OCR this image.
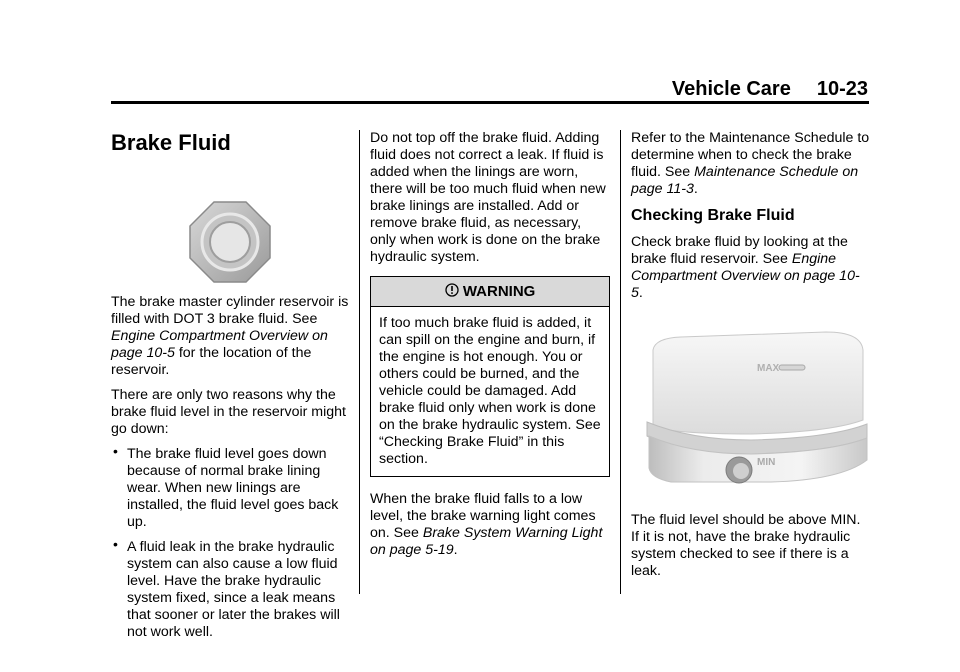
Vehicle Care 10-23
Brake Fluid

The brake master cylinder reservoir is filled with DOT 3 brake fluid. See Engine Compartment Overview on page 10-5 for the location of the reservoir.

There are only two reasons why the brake fluid level in the reservoir might go down:

• The brake fluid level goes down because of normal brake lining wear. When new linings are installed, the fluid level goes back up.
• A fluid leak in the brake hydraulic system can also cause a low fluid level. Have the brake hydraulic system fixed, since a leak means that sooner or later the brakes will not work well.

Do not top off the brake fluid. Adding fluid does not correct a leak. If fluid is added when the linings are worn, there will be too much fluid when new brake linings are installed. Add or remove brake fluid, as necessary, only when work is done on the brake hydraulic system.

WARNING
If too much brake fluid is added, it can spill on the engine and burn, if the engine is hot enough. You or others could be burned, and the vehicle could be damaged. Add brake fluid only when work is done on the brake hydraulic system. See “Checking Brake Fluid” in this section.

When the brake fluid falls to a low level, the brake warning light comes on. See Brake System Warning Light on page 5-19.

Refer to the Maintenance Schedule to determine when to check the brake fluid. See Maintenance Schedule on page 11-3.

Checking Brake Fluid

Check brake fluid by looking at the brake fluid reservoir. See Engine Compartment Overview on page 10-5.

MAX
MIN

The fluid level should be above MIN. If it is not, have the brake hydraulic system checked to see if there is a leak.
